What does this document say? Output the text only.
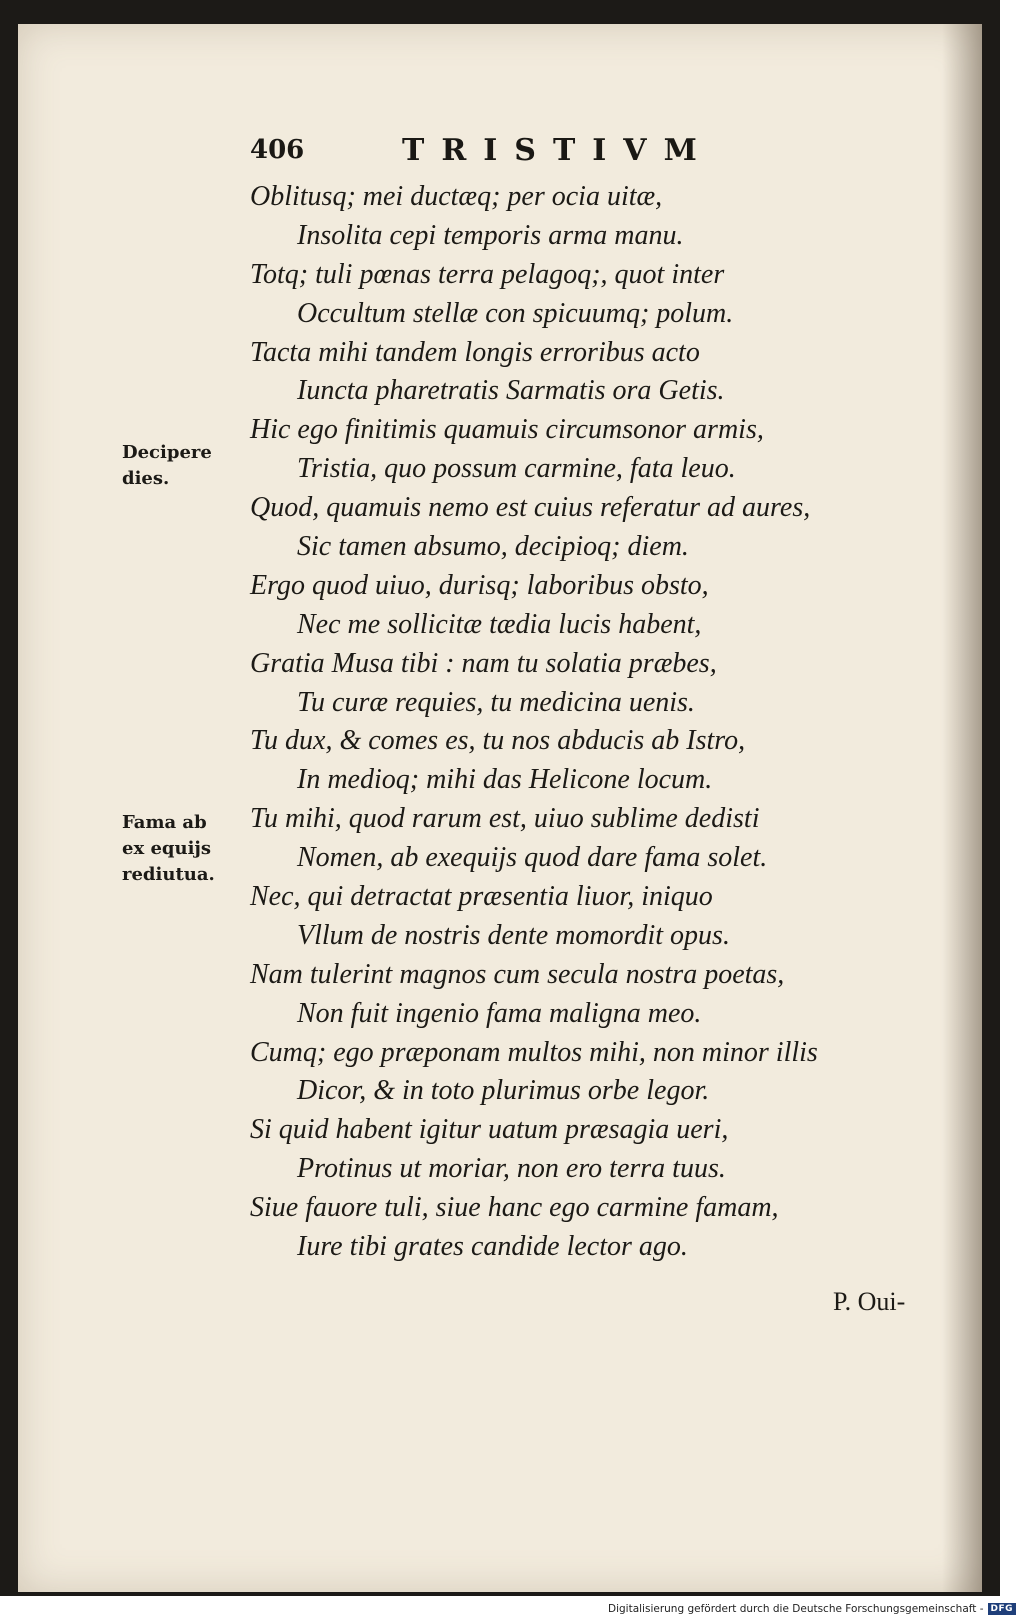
406	TRISTIVM
Oblitusq; mei ductæq; per ocia uitæ,
Insolita cepi temporis arma manu.
Totq; tuli pœnas terra pelagoq;, quot inter
Occultum stellæ con spicuumq; polum.
Tacta mihi tandem longis erroribus acto
Iuncta pharetratis Sarmatis ora Getis.
Hic ego finitimis quamuis circumsonor armis,
Tristia, quo possum carmine, fata leuo.
Quod, quamuis nemo est cuius referatur ad aures,
Sic tamen absumo, decipioq; diem.
Ergo quod uiuo, durisq; laboribus obsto,
Nec me sollicitæ tædia lucis habent,
Gratia Musa tibi : nam tu solatia præbes,
Tu curæ requies, tu medicina uenis.
Tu dux, & comes es, tu nos abducis ab Istro,
In medioq; mihi das Helicone locum.
Tu mihi, quod rarum est, uiuo sublime dedisti
Nomen, ab exequijs quod dare fama solet.
Nec, qui detractat præsentia liuor, iniquo
Vllum de nostris dente momordit opus.
Nam tulerint magnos cum secula nostra poetas,
Non fuit ingenio fama maligna meo.
Cumq; ego præponam multos mihi, non minor illis
Dicor, & in toto plurimus orbe legor.
Si quid habent igitur uatum præsagia ueri,
Protinus ut moriar, non ero terra tuus.
Siue fauore tuli, siue hanc ego carmine famam,
Iure tibi grates candide lector ago.
Decipere
dies.
Fama ab
ex equijs
rediutua.
P. Oui-
Digitalisierung gefördert durch die Deutsche Forschungsgemeinschaft - DFG
